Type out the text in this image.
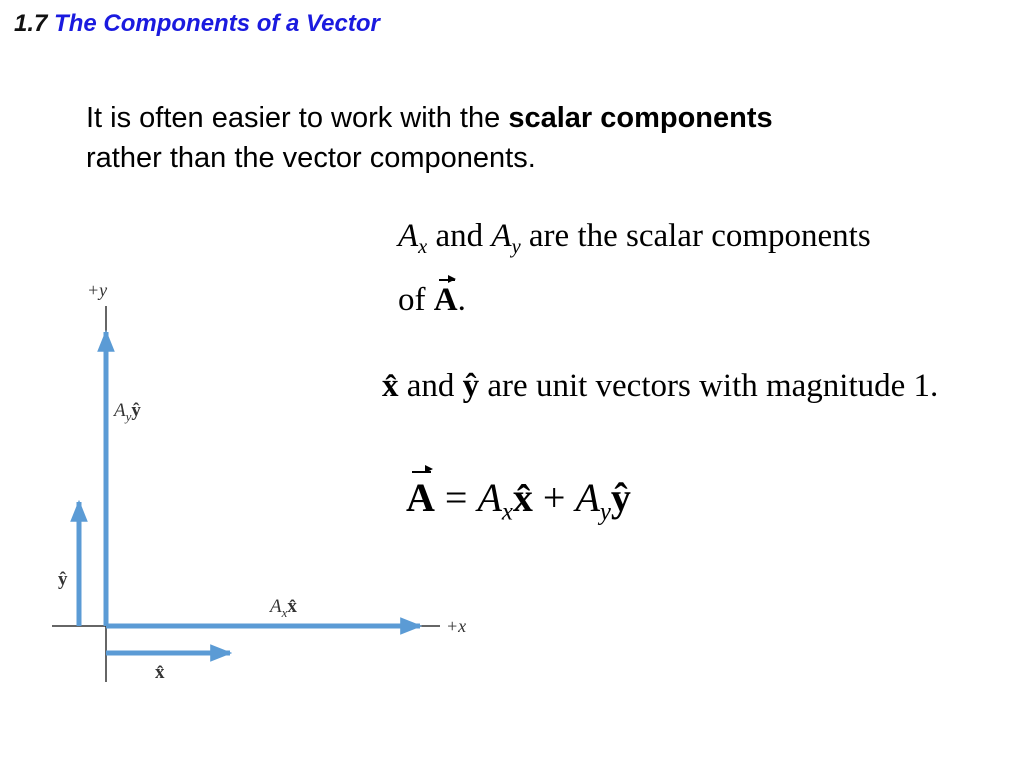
1.7 The Components of a Vector
It is often easier to work with the scalar components
rather than the vector components.
$A_x$ and $A_y$ are the scalar components
of A.
x̂ and ŷ are unit vectors with magnitude 1.
$A = A_xx̂$ + $A_yŷ$
+y
+x
$A_yŷ$
$A_xx̂$
ŷ
x̂
